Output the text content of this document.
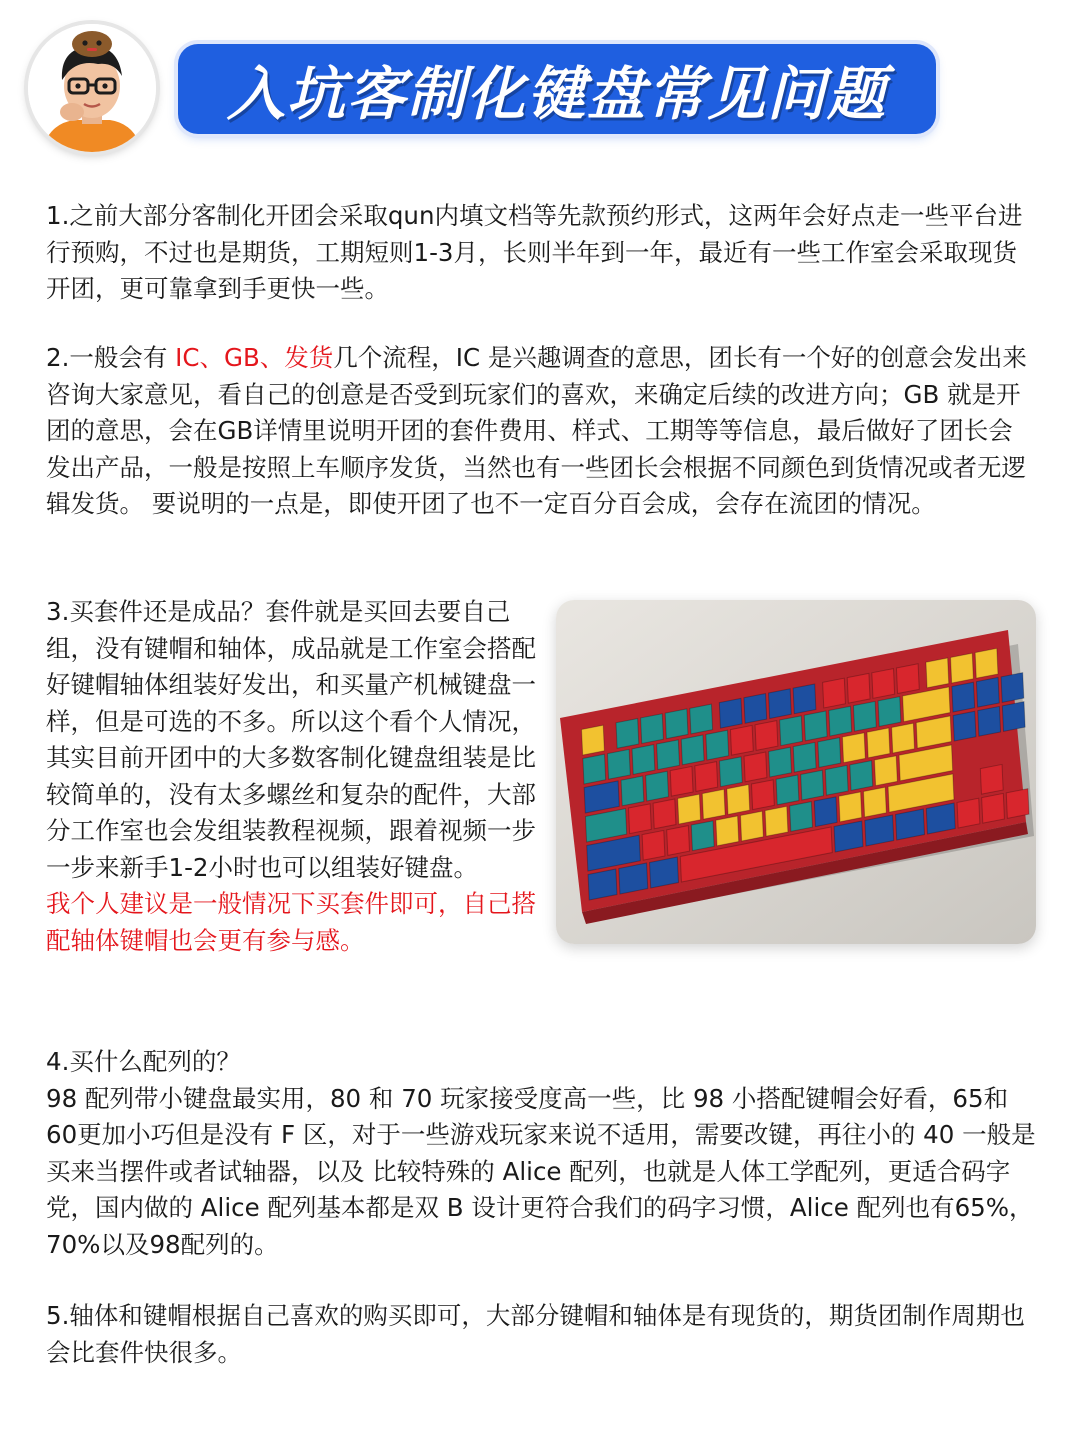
入坑客制化键盘常见问题

1.之前大部分客制化开团会采取qun内填文档等先款预约形式，这两年会好点走一些平台进行预购，不过也是期货，工期短则1-3月，长则半年到一年，最近有一些工作室会采取现货开团，更可靠拿到手更快一些。

2.一般会有 IC、GB、发货几个流程，IC 是兴趣调查的意思，团长有一个好的创意会发出来咨询大家意见，看自己的创意是否受到玩家们的喜欢，来确定后续的改进方向；GB 就是开团的意思，会在GB详情里说明开团的套件费用、样式、工期等等信息，最后做好了团长会发出产品，一般是按照上车顺序发货，当然也有一些团长会根据不同颜色到货情况或者无逻辑发货。 要说明的一点是，即使开团了也不一定百分百会成，会存在流团的情况。

3.买套件还是成品？套件就是买回去要自己组，没有键帽和轴体，成品就是工作室会搭配好键帽轴体组装好发出，和买量产机械键盘一样，但是可选的不多。所以这个看个人情况，其实目前开团中的大多数客制化键盘组装是比较简单的，没有太多螺丝和复杂的配件，大部分工作室也会发组装教程视频，跟着视频一步一步来新手1-2小时也可以组装好键盘。
我个人建议是一般情况下买套件即可，自己搭配轴体键帽也会更有参与感。
4.买什么配列的？
98 配列带小键盘最实用，80 和 70 玩家接受度高一些，比 98 小搭配键帽会好看，65和60更加小巧但是没有 F 区，对于一些游戏玩家来说不适用，需要改键，再往小的 40 一般是买来当摆件或者试轴器，以及 比较特殊的 Alice 配列，也就是人体工学配列，更适合码字党，国内做的 Alice 配列基本都是双 B 设计更符合我们的码字习惯，Alice 配列也有65%，70%以及98配列的。

5.轴体和键帽根据自己喜欢的购买即可，大部分键帽和轴体是有现货的，期货团制作周期也会比套件快很多。
